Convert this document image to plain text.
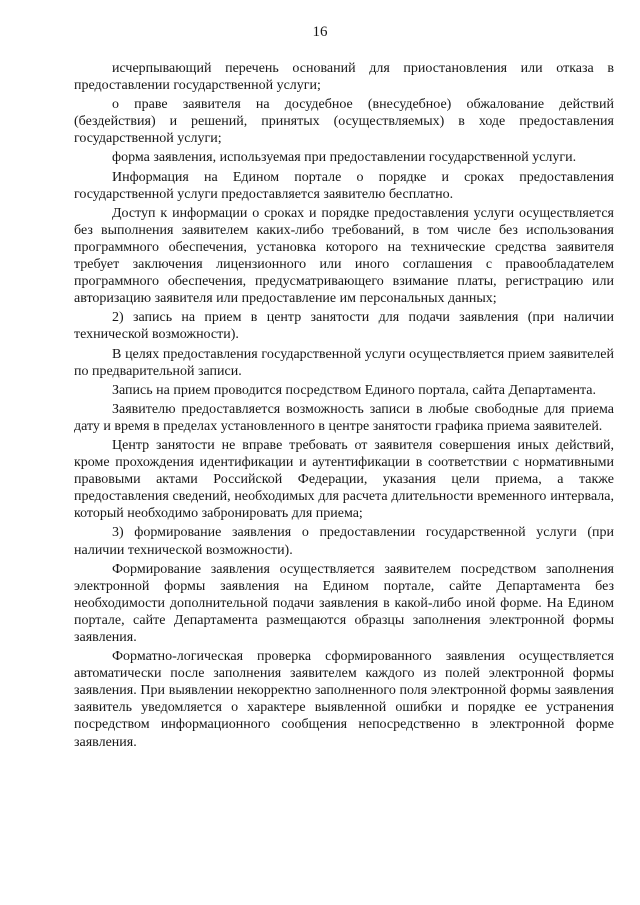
16

исчерпывающий перечень оснований для приостановления или отказа в предоставлении государственной услуги;

о праве заявителя на досудебное (внесудебное) обжалование действий (бездействия) и решений, принятых (осуществляемых) в ходе предоставления государственной услуги;

форма заявления, используемая при предоставлении государственной услуги.

Информация на Едином портале о порядке и сроках предоставления государственной услуги предоставляется заявителю бесплатно.

Доступ к информации о сроках и порядке предоставления услуги осуществляется без выполнения заявителем каких-либо требований, в том числе без использования программного обеспечения, установка которого на технические средства заявителя требует заключения лицензионного или иного соглашения с правообладателем программного обеспечения, предусматривающего взимание платы, регистрацию или авторизацию заявителя или предоставление им персональных данных;

2) запись на прием в центр занятости для подачи заявления (при наличии технической возможности).

В целях предоставления государственной услуги осуществляется прием заявителей по предварительной записи.

Запись на прием проводится посредством Единого портала, сайта Департамента.

Заявителю предоставляется возможность записи в любые свободные для приема дату и время в пределах установленного в центре занятости графика приема заявителей.

Центр занятости не вправе требовать от заявителя совершения иных действий, кроме прохождения идентификации и аутентификации в соответствии с нормативными правовыми актами Российской Федерации, указания цели приема, а также предоставления сведений, необходимых для расчета длительности временного интервала, который необходимо забронировать для приема;

3) формирование заявления о предоставлении государственной услуги (при наличии технической возможности).

Формирование заявления осуществляется заявителем посредством заполнения электронной формы заявления на Едином портале, сайте Департамента без необходимости дополнительной подачи заявления в какой-либо иной форме. На Едином портале, сайте Департамента размещаются образцы заполнения электронной формы заявления.

Форматно-логическая проверка сформированного заявления осуществляется автоматически после заполнения заявителем каждого из полей электронной формы заявления. При выявлении некорректно заполненного поля электронной формы заявления заявитель уведомляется о характере выявленной ошибки и порядке ее устранения посредством информационного сообщения непосредственно в электронной форме заявления.
